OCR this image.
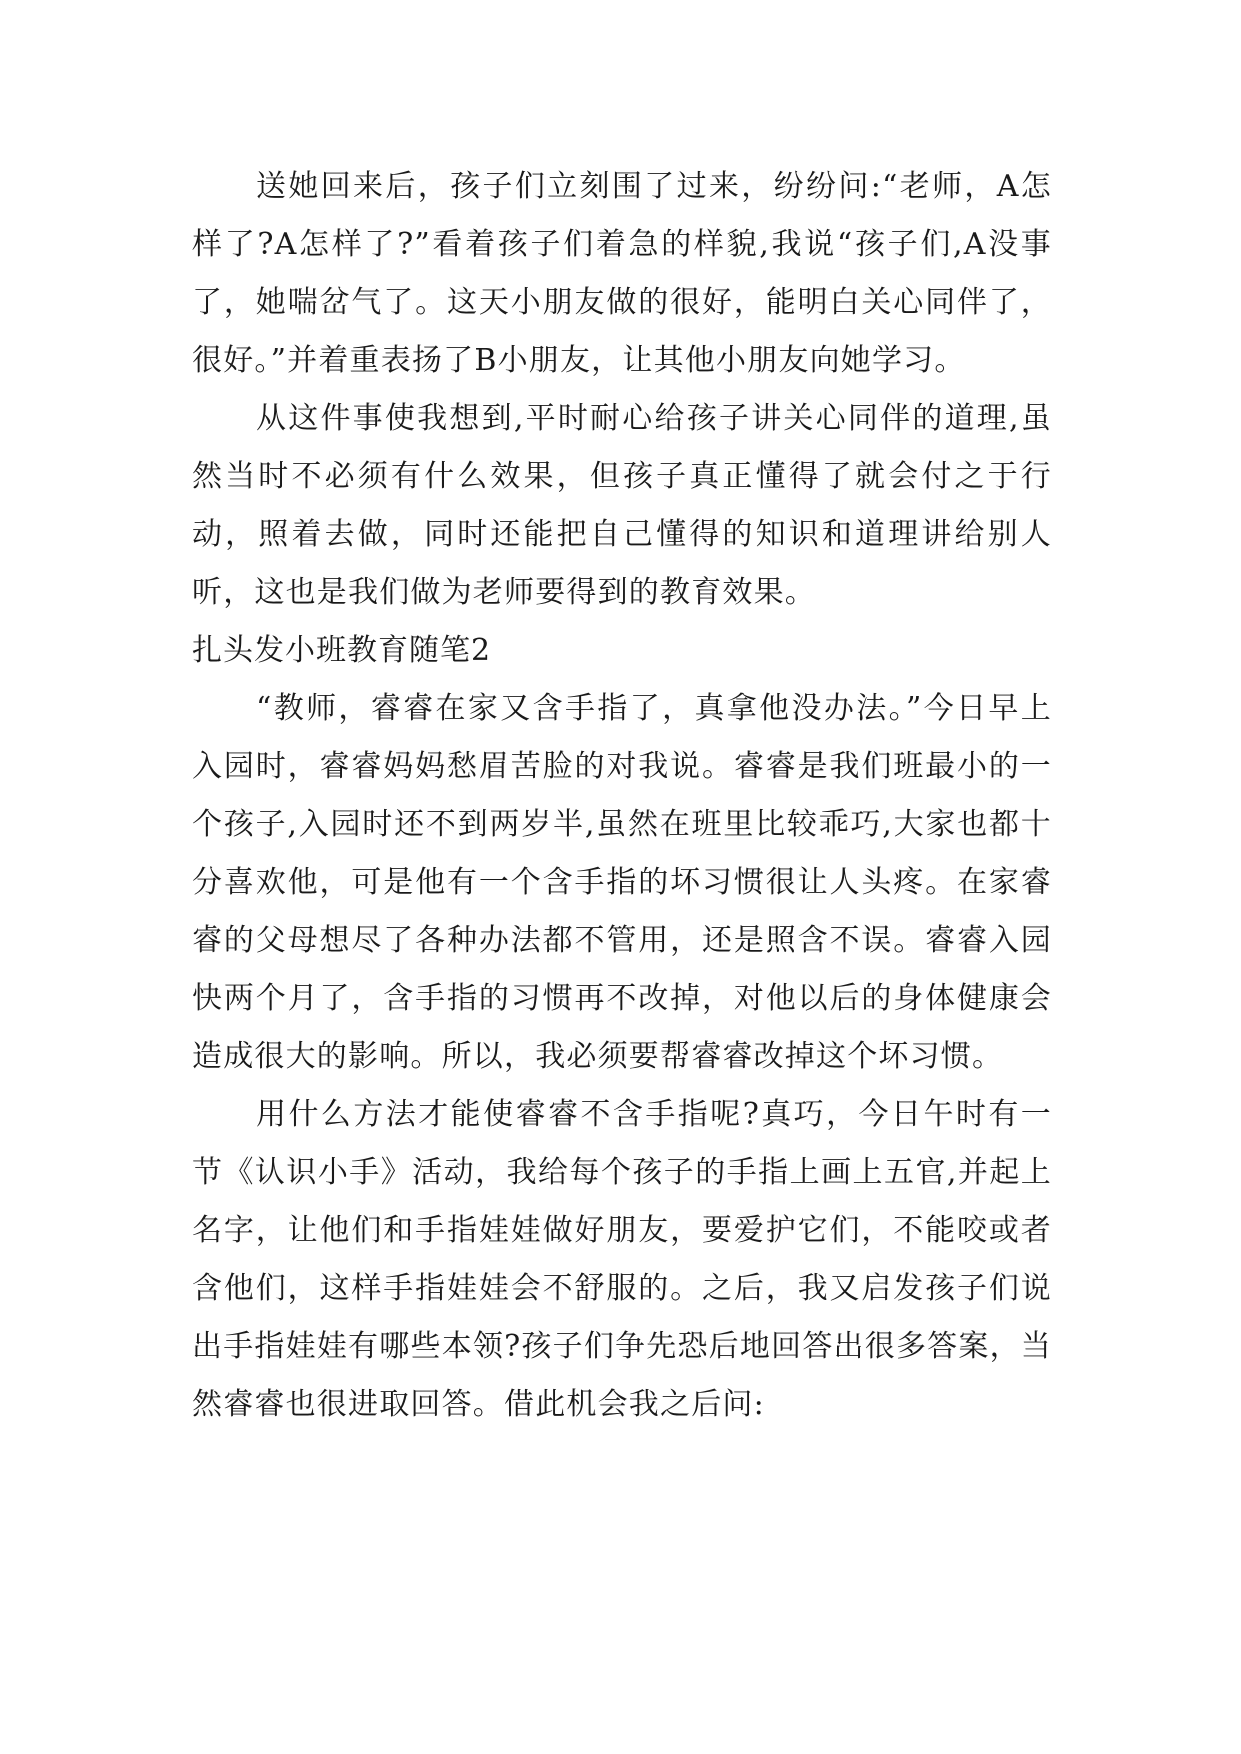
送她回来后，孩子们立刻围了过来，纷纷问:“老师，A怎样了?A怎样了?”看着孩子们着急的样貌,我说“孩子们,A没事了，她喘岔气了。这天小朋友做的很好，能明白关心同伴了，很好。”并着重表扬了B小朋友，让其他小朋友向她学习。

从这件事使我想到,平时耐心给孩子讲关心同伴的道理,虽然当时不必须有什么效果，但孩子真正懂得了就会付之于行动，照着去做，同时还能把自己懂得的知识和道理讲给别人听，这也是我们做为老师要得到的教育效果。

扎头发小班教育随笔2

“教师，睿睿在家又含手指了，真拿他没办法。”今日早上入园时，睿睿妈妈愁眉苦脸的对我说。睿睿是我们班最小的一个孩子,入园时还不到两岁半,虽然在班里比较乖巧,大家也都十分喜欢他，可是他有一个含手指的坏习惯很让人头疼。在家睿睿的父母想尽了各种办法都不管用，还是照含不误。睿睿入园快两个月了，含手指的习惯再不改掉，对他以后的身体健康会造成很大的影响。所以，我必须要帮睿睿改掉这个坏习惯。

用什么方法才能使睿睿不含手指呢?真巧，今日午时有一节《认识小手》活动，我给每个孩子的手指上画上五官,并起上名字，让他们和手指娃娃做好朋友，要爱护它们，不能咬或者含他们，这样手指娃娃会不舒服的。之后，我又启发孩子们说出手指娃娃有哪些本领?孩子们争先恐后地回答出很多答案，当然睿睿也很进取回答。借此机会我之后问:
